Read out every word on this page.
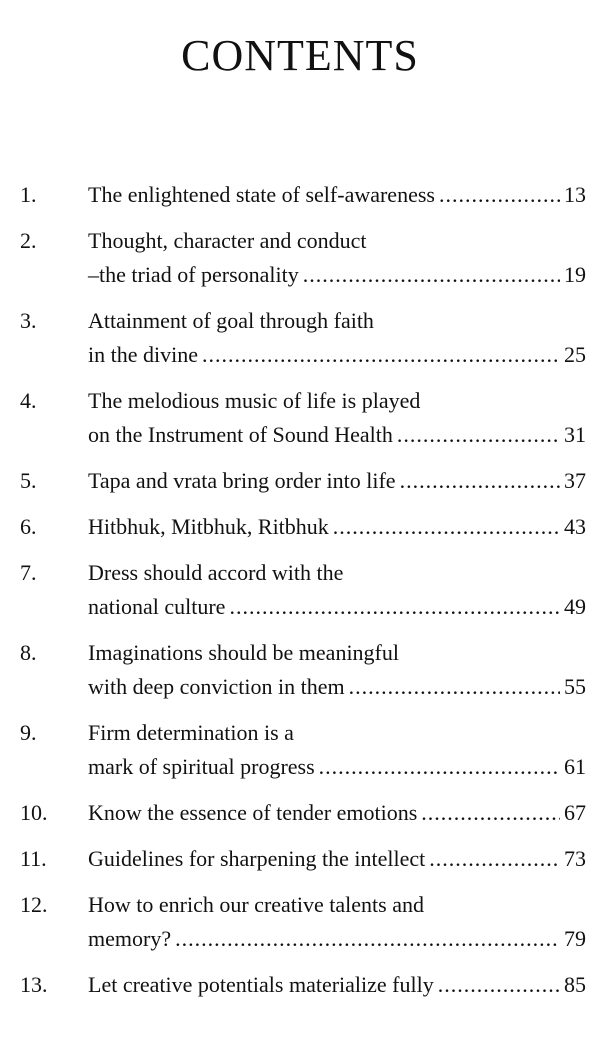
CONTENTS
1.	The enlightened state of self-awareness .....	13
2.	Thought, character and conduct
–the triad of personality .....	19
3.	Attainment of goal through faith
in the divine .....	25
4.	The melodious music of life is played
on the Instrument of Sound Health .....	31
5.	Tapa and vrata bring order into life .....	37
6.	Hitbhuk, Mitbhuk, Ritbhuk .....	43
7.	Dress should accord with the
national culture .....	49
8.	Imaginations should be meaningful
with deep conviction in them .....	55
9.	Firm determination is a
mark of spiritual progress .....	61
10.	Know the essence of tender emotions .....	67
11.	Guidelines for sharpening the intellect .....	73
12.	How to enrich our creative talents and
memory? .....	79
13.	Let creative potentials materialize fully .....	85
